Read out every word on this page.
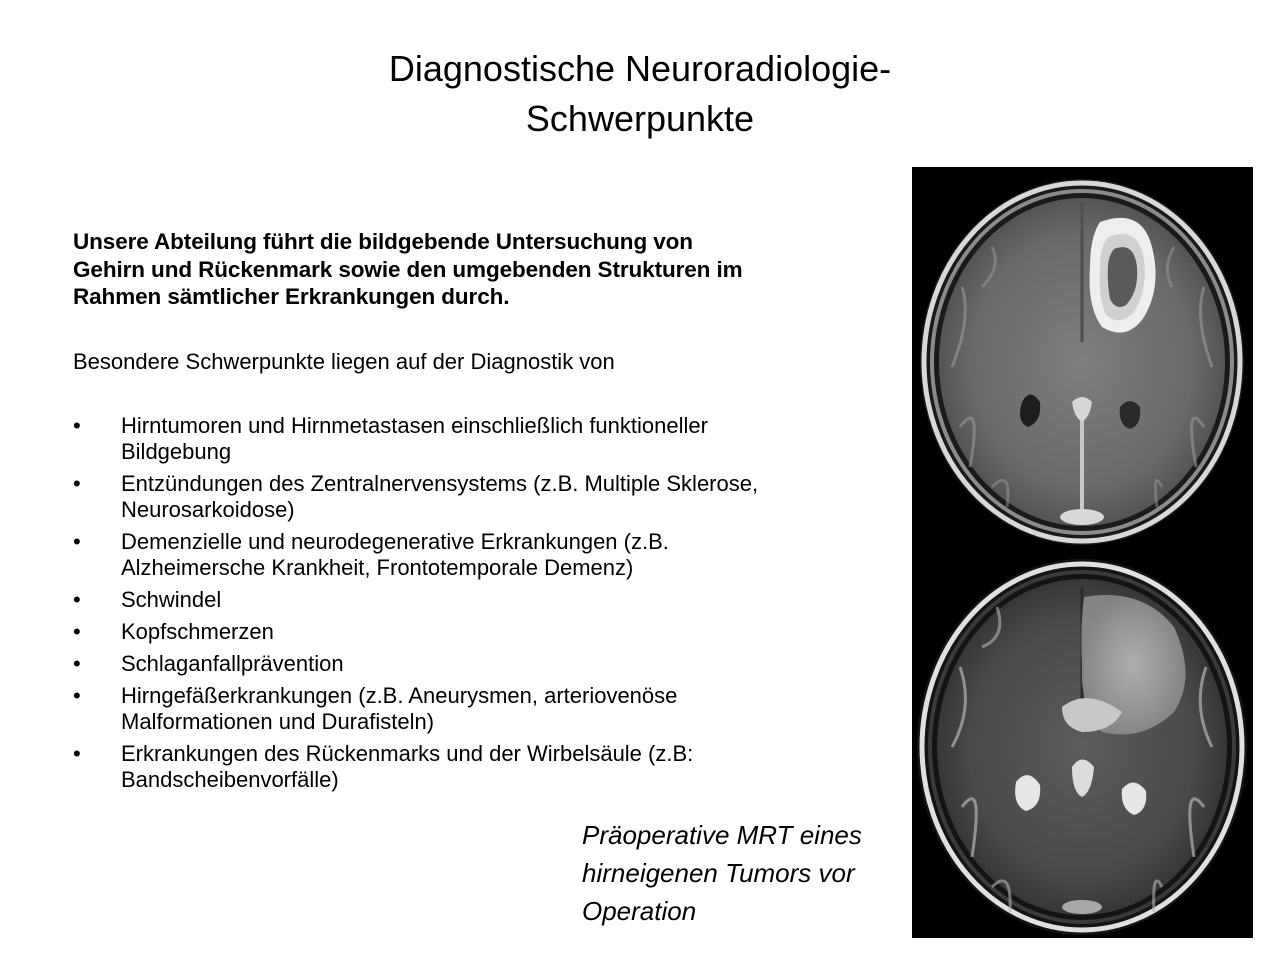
Diagnostische Neuroradiologie-
Schwerpunkte
Unsere Abteilung führt die bildgebende Untersuchung von
Gehirn und Rückenmark sowie den umgebenden Strukturen im
Rahmen sämtlicher Erkrankungen durch.
Besondere Schwerpunkte liegen auf der Diagnostik von
•	Hirntumoren und Hirnmetastasen einschließlich funktioneller
Bildgebung
•	Entzündungen des Zentralnervensystems (z.B. Multiple Sklerose,
Neurosarkoidose)
•	Demenzielle und neurodegenerative Erkrankungen (z.B.
Alzheimersche Krankheit, Frontotemporale Demenz)
•	Schwindel
•	Kopfschmerzen
•	Schlaganfallprävention
•	Hirngefäßerkrankungen (z.B. Aneurysmen, arteriovenöse
Malformationen und Durafisteln)
•	Erkrankungen des Rückenmarks und der Wirbelsäule (z.B:
Bandscheibenvorfälle)
Präoperative MRT eines
hirneigenen Tumors vor
Operation
